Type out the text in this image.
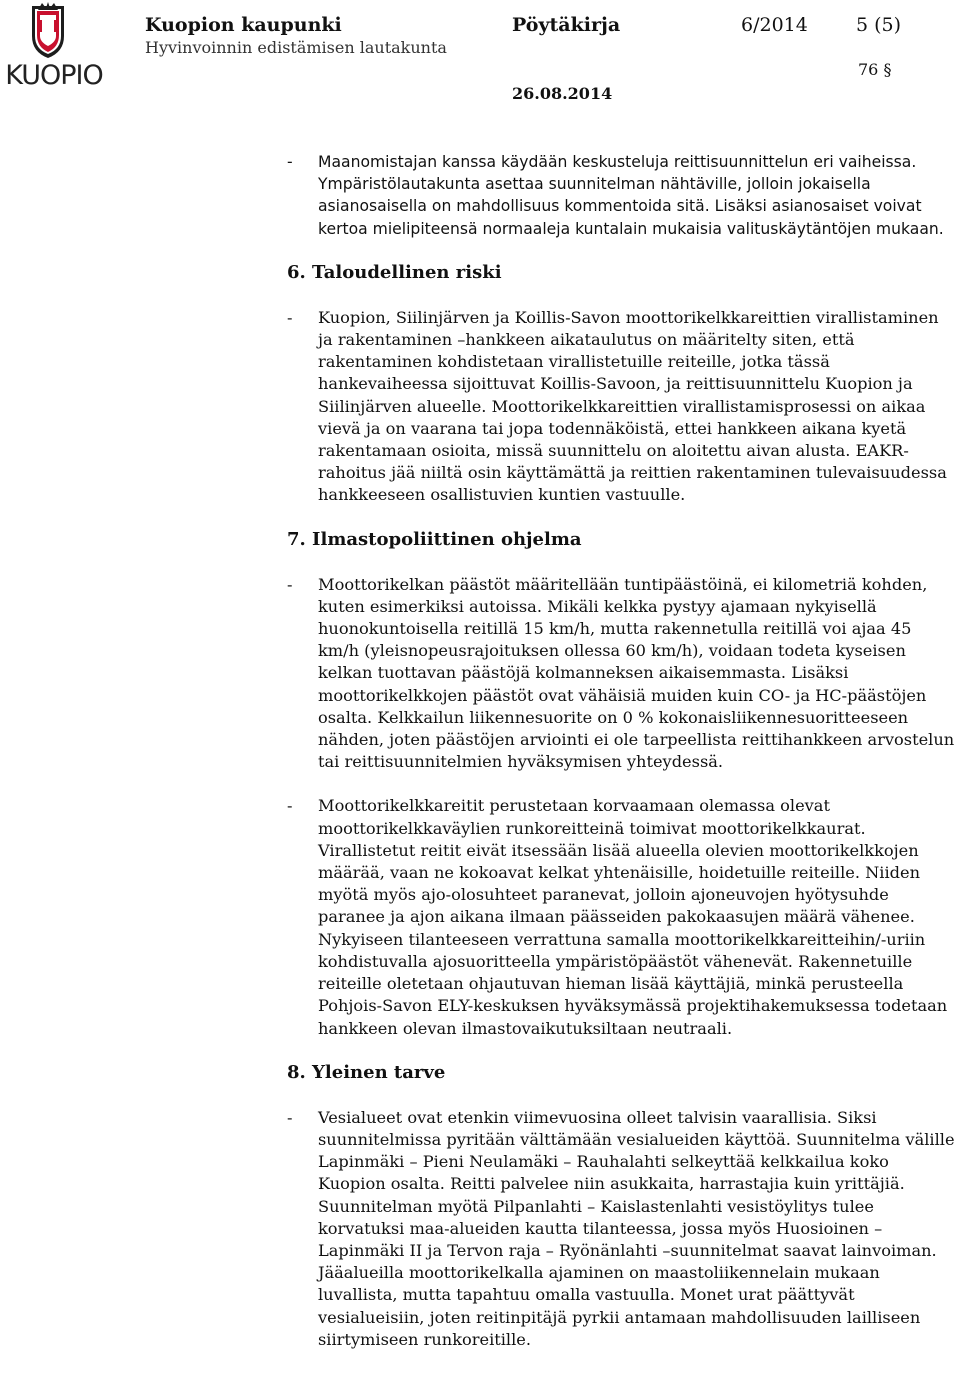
KUOPIO
Kuopion kaupunki
Hyvinvoinnin edistämisen lautakunta
Pöytäkirja	6/2014	5 (5)
76 §
26.08.2014

- Maanomistajan kanssa käydään keskusteluja reittisuunnittelun eri vaiheissa. Ympäristölautakunta asettaa suunnitelman nähtäville, jolloin jokaisella asianosaisella on mahdollisuus kommentoida sitä. Lisäksi asianosaiset voivat kertoa mielipiteensä normaaleja kuntalain mukaisia valituskäytäntöjen mukaan.

6. Taloudellinen riski

- Kuopion, Siilinjärven ja Koillis-Savon moottorikelkkareittien virallistaminen ja rakentaminen –hankkeen aikataulutus on määritelty siten, että rakentaminen kohdistetaan virallistetuille reiteille, jotka tässä hankevaiheessa sijoittuvat Koillis-Savoon, ja reittisuunnittelu Kuopion ja Siilinjärven alueelle. Moottorikelkkareittien virallistamisprosessi on aikaa vievä ja on vaarana tai jopa todennäköistä, ettei hankkeen aikana kyetä rakentamaan osioita, missä suunnittelu on aloitettu aivan alusta. EAKR-rahoitus jää niiltä osin käyttämättä ja reittien rakentaminen tulevaisuudessa hankkeeseen osallistuvien kuntien vastuulle.

7. Ilmastopoliittinen ohjelma

- Moottorikelkan päästöt määritellään tuntipäästöinä, ei kilometriä kohden, kuten esimerkiksi autoissa. Mikäli kelkka pystyy ajamaan nykyisellä huonokuntoisella reitillä 15 km/h, mutta rakennetulla reitillä voi ajaa 45 km/h (yleisnopeusrajoituksen ollessa 60 km/h), voidaan todeta kyseisen kelkan tuottavan päästöjä kolmanneksen aikaisemmasta. Lisäksi moottorikelkkojen päästöt ovat vähäisiä muiden kuin CO- ja HC-päästöjen osalta. Kelkkailun liikennesuorite on 0 % kokonaisliikennesuoritteeseen nähden, joten päästöjen arviointi ei ole tarpeellista reittihankkeen arvostelun tai reittisuunnitelmien hyväksymisen yhteydessä.

- Moottorikelkkareitit perustetaan korvaamaan olemassa olevat moottorikelkkaväylien runkoreitteinä toimivat moottorikelkkaurat. Virallistetut reitit eivät itsessään lisää alueella olevien moottorikelkkojen määrää, vaan ne kokoavat kelkat yhtenäisille, hoidetuille reiteille. Niiden myötä myös ajo-olosuhteet paranevat, jolloin ajoneuvojen hyötysuhde paranee ja ajon aikana ilmaan päässeiden pakokaasujen määrä vähenee. Nykyiseen tilanteeseen verrattuna samalla moottorikelkkareitteihin/-uriin kohdistuvalla ajosuoritteella ympäristöpäästöt vähenevät. Rakennetuille reiteille oletetaan ohjautuvan hieman lisää käyttäjiä, minkä perusteella Pohjois-Savon ELY-keskuksen hyväksymässä projektihakemuksessa todetaan hankkeen olevan ilmastovaikutuksiltaan neutraali.

8. Yleinen tarve

- Vesialueet ovat etenkin viimevuosina olleet talvisin vaarallisia. Siksi suunnitelmissa pyritään välttämään vesialueiden käyttöä. Suunnitelma välille Lapinmäki – Pieni Neulamäki – Rauhalahti selkeyttää kelkkailua koko Kuopion osalta. Reitti palvelee niin asukkaita, harrastajia kuin yrittäjiä. Suunnitelman myötä Pilpanlahti – Kaislastenlahti vesistöylitys tulee korvatuksi maa-alueiden kautta tilanteessa, jossa myös Huosioinen – Lapinmäki II ja Tervon raja – Ryönänlahti –suunnitelmat saavat lainvoiman. Jääalueilla moottorikelkalla ajaminen on maastoliikennelain mukaan luvallista, mutta tapahtuu omalla vastuulla. Monet urat päättyvät vesialueisiin, joten reitinpitäjä pyrkii antamaan mahdollisuuden lailliseen siirtymiseen runkoreitille.
